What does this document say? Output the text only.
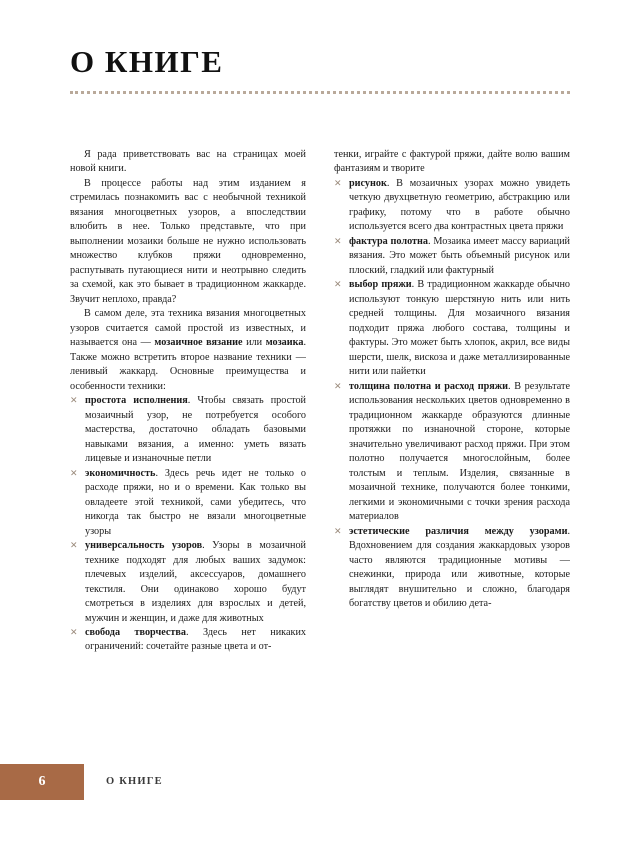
О КНИГЕ

Я рада приветствовать вас на страницах моей новой книги.

В процессе работы над этим изданием я стремилась познакомить вас с необычной техникой вязания многоцветных узоров, а впоследствии влюбить в нее. Только представьте, что при выполнении мозаики больше не нужно использовать множество клубков пряжи одновременно, распутывать путающиеся нити и неотрывно следить за схемой, как это бывает в традиционном жаккарде. Звучит неплохо, правда?

В самом деле, эта техника вязания многоцветных узоров считается самой простой из известных, и называется она — мозаичное вязание или мозаика. Также можно встретить второе название техники — ленивый жаккард. Основные преимущества и особенности техники:

✕ простота исполнения. Чтобы связать простой мозаичный узор, не потребуется особого мастерства, достаточно обладать базовыми навыками вязания, а именно: уметь вязать лицевые и изнаночные петли
✕ экономичность. Здесь речь идет не только о расходе пряжи, но и о времени. Как только вы овладеете этой техникой, сами убедитесь, что никогда так быстро не вязали многоцветные узоры
✕ универсальность узоров. Узоры в мозаичной технике подходят для любых ваших задумок: плечевых изделий, аксессуаров, домашнего текстиля. Они одинаково хорошо будут смотреться в изделиях для взрослых и детей, мужчин и женщин, и даже для животных
✕ свобода творчества. Здесь нет никаких ограничений: сочетайте разные цвета и от-

тенки, играйте с фактурой пряжи, дайте волю вашим фантазиям и творите

✕ рисунок. В мозаичных узорах можно увидеть четкую двухцветную геометрию, абстракцию или графику, потому что в работе обычно используется всего два контрастных цвета пряжи
✕ фактура полотна. Мозаика имеет массу вариаций вязания. Это может быть объемный рисунок или плоский, гладкий или фактурный
✕ выбор пряжи. В традиционном жаккарде обычно используют тонкую шерстяную нить или нить средней толщины. Для мозаичного вязания подходит пряжа любого состава, толщины и фактуры. Это может быть хлопок, акрил, все виды шерсти, шелк, вискоза и даже металлизированные нити или пайетки
✕ толщина полотна и расход пряжи. В результате использования нескольких цветов одновременно в традиционном жаккарде образуются длинные протяжки по изнаночной стороне, которые значительно увеличивают расход пряжи. При этом полотно получается многослойным, более толстым и теплым. Изделия, связанные в мозаичной технике, получаются более тонкими, легкими и экономичными с точки зрения расхода материалов
✕ эстетические различия между узорами. Вдохновением для создания жаккардовых узоров часто являются традиционные мотивы — снежинки, природа или животные, которые выглядят внушительно и сложно, благодаря богатству цветов и обилию дета-
6	О КНИГЕ
